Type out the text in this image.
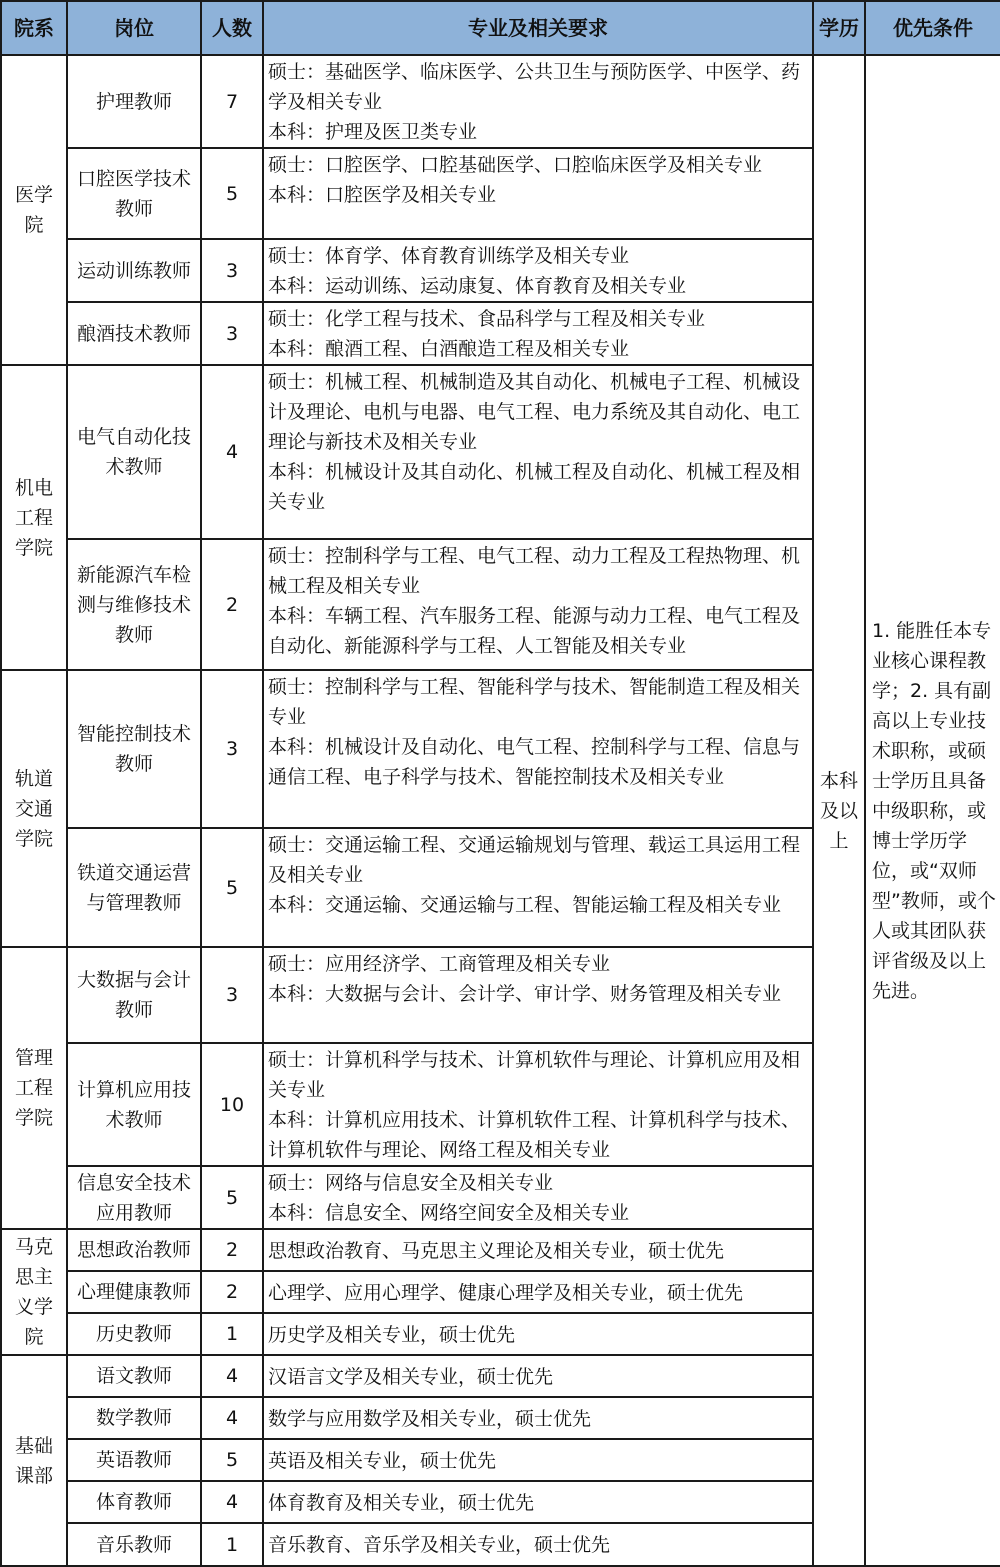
院系	岗位	人数	专业及相关要求	学历	优先条件
医学院	护理教师	7	硕士：基础医学、临床医学、公共卫生与预防医学、中医学、药学及相关专业
本科：护理及医卫类专业	本科及以上	1. 能胜任本专业核心课程教学；2. 具有副高以上专业技术职称，或硕士学历且具备中级职称，或博士学历学位，或“双师型”教师，或个人或其团队获评省级及以上先进。
	口腔医学技术教师	5	硕士：口腔医学、口腔基础医学、口腔临床医学及相关专业
本科：口腔医学及相关专业		

	运动训练教师	3	硕士：体育学、体育教育训练学及相关专业
本科：运动训练、运动康复、体育教育及相关专业		

	酿酒技术教师	3	硕士：化学工程与技术、食品科学与工程及相关专业
本科：酿酒工程、白酒酿造工程及相关专业		

机电工程学院	电气自动化技术教师	4	硕士：机械工程、机械制造及其自动化、机械电子工程、机械设计及理论、电机与电器、电气工程、电力系统及其自动化、电工理论与新技术及相关专业
本科：机械设计及其自动化、机械工程及自动化、机械工程及相关专业		

	新能源汽车检测与维修技术教师	2	硕士：控制科学与工程、电气工程、动力工程及工程热物理、机械工程及相关专业
本科：车辆工程、汽车服务工程、能源与动力工程、电气工程及自动化、新能源科学与工程、人工智能及相关专业		

轨道交通学院	智能控制技术教师	3	硕士：控制科学与工程、智能科学与技术、智能制造工程及相关专业
本科：机械设计及自动化、电气工程、控制科学与工程、信息与通信工程、电子科学与技术、智能控制技术及相关专业		

	铁道交通运营与管理教师	5	硕士：交通运输工程、交通运输规划与管理、载运工具运用工程及相关专业
本科：交通运输、交通运输与工程、智能运输工程及相关专业		

管理工程学院	大数据与会计教师	3	硕士：应用经济学、工商管理及相关专业
本科：大数据与会计、会计学、审计学、财务管理及相关专业		

	计算机应用技术教师	10	硕士：计算机科学与技术、计算机软件与理论、计算机应用及相关专业
本科：计算机应用技术、计算机软件工程、计算机科学与技术、计算机软件与理论、网络工程及相关专业		

	信息安全技术应用教师	5	硕士：网络与信息安全及相关专业
本科：信息安全、网络空间安全及相关专业		

马克思主义学院	思想政治教师	2	思想政治教育、马克思主义理论及相关专业，硕士优先		

	心理健康教师	2	心理学、应用心理学、健康心理学及相关专业，硕士优先		

	历史教师	1	历史学及相关专业，硕士优先		

基础课部	语文教师	4	汉语言文学及相关专业，硕士优先		

	数学教师	4	数学与应用数学及相关专业，硕士优先		

	英语教师	5	英语及相关专业，硕士优先		

	体育教师	4	体育教育及相关专业，硕士优先		

	音乐教师	1	音乐教育、音乐学及相关专业，硕士优先		
